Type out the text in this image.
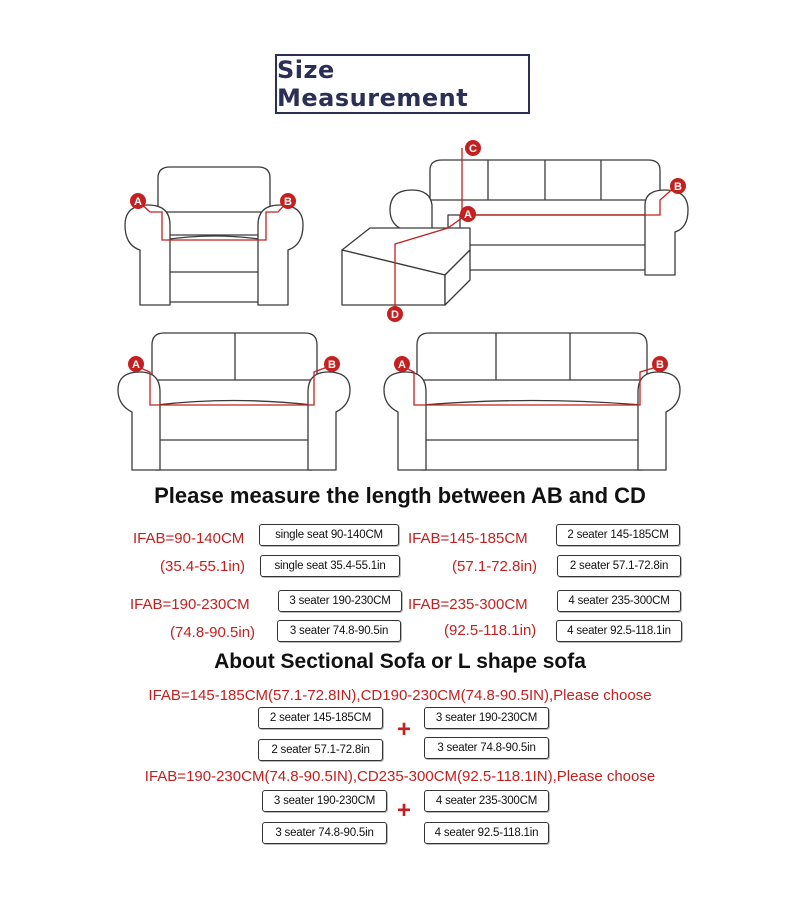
Size Measurement
A	B
C
A
B
D
A	B	A	B
Please measure the length between AB and CD
IFAB=90-140CM	single seat 90-140CM	IFAB=145-185CM	2 seater 145-185CM
(35.4-55.1in)	single seat 35.4-55.1in	(57.1-72.8in)	2 seater 57.1-72.8in
IFAB=190-230CM	3 seater 190-230CM	IFAB=235-300CM	4 seater 235-300CM
(74.8-90.5in)	3 seater 74.8-90.5in	(92.5-118.1in)	4 seater 92.5-118.1in
About Sectional Sofa or L shape sofa
IFAB=145-185CM(57.1-72.8IN),CD190-230CM(74.8-90.5IN),Please choose
2 seater 145-185CM	3 seater 190-230CM
+
2 seater 57.1-72.8in	3 seater 74.8-90.5in
IFAB=190-230CM(74.8-90.5IN),CD235-300CM(92.5-118.1IN),Please choose
3 seater 190-230CM	4 seater 235-300CM
+
3 seater 74.8-90.5in	4 seater 92.5-118.1in
